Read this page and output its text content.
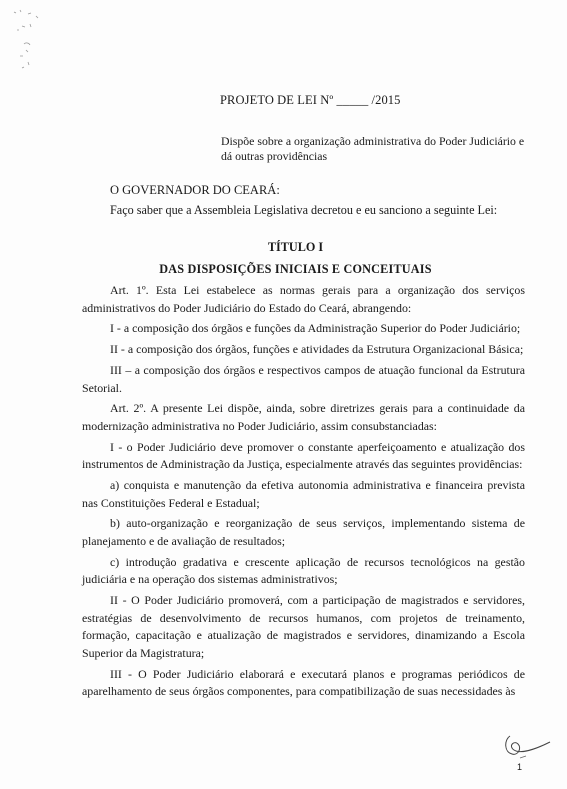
PROJETO DE LEI Nº _____ /2015

Dispõe sobre a organização administrativa do Poder Judiciário e

dá outras providências

O GOVERNADOR DO CEARÁ:
Faço saber que a Assembleia Legislativa decretou e eu sanciono a seguinte Lei:
TÍTULO I
DAS DISPOSIÇÕES INICIAIS E CONCEITUAIS

Art. 1º. Esta Lei estabelece as normas gerais para a organização dos serviços administrativos do Poder Judiciário do Estado do Ceará, abrangendo:

I - a composição dos órgãos e funções da Administração Superior do Poder Judiciário;

II - a composição dos órgãos, funções e atividades da Estrutura Organizacional Básica;

III – a composição dos órgãos e respectivos campos de atuação funcional da Estrutura Setorial.

Art. 2º. A presente Lei dispõe, ainda, sobre diretrizes gerais para a continuidade da modernização administrativa no Poder Judiciário, assim consubstanciadas:

I - o Poder Judiciário deve promover o constante aperfeiçoamento e atualização dos instrumentos de Administração da Justiça, especialmente através das seguintes providências:

a) conquista e manutenção da efetiva autonomia administrativa e financeira prevista nas Constituições Federal e Estadual;

b) auto-organização e reorganização de seus serviços, implementando sistema de planejamento e de avaliação de resultados;

c) introdução gradativa e crescente aplicação de recursos tecnológicos na gestão judiciária e na operação dos sistemas administrativos;

II - O Poder Judiciário promoverá, com a participação de magistrados e servidores, estratégias de desenvolvimento de recursos humanos, com projetos de treinamento, formação, capacitação e atualização de magistrados e servidores, dinamizando a Escola Superior da Magistratura;

III - O Poder Judiciário elaborará e executará planos e programas periódicos de aparelhamento de seus órgãos componentes, para compatibilização de suas necessidades às

1
